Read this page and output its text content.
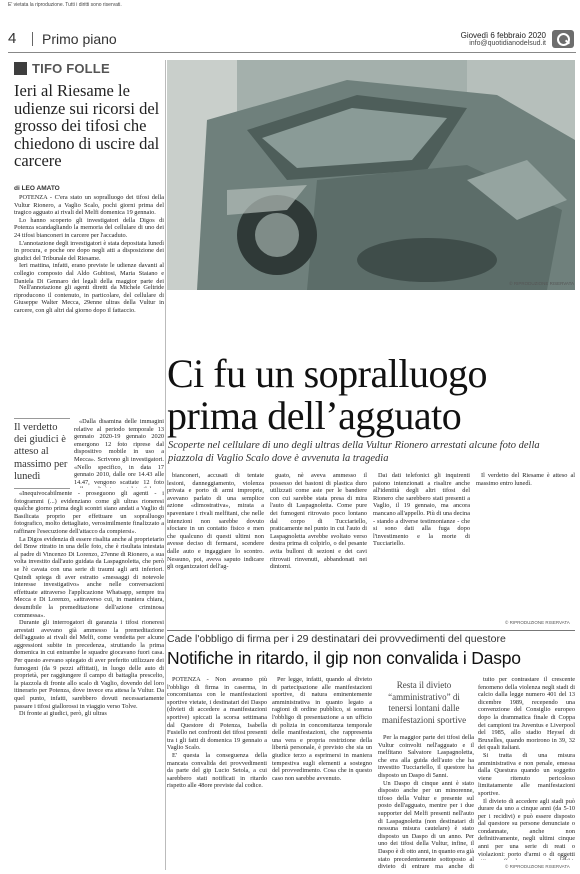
E' vietata la riproduzione. Tutti i diritti sono riservati.
4 Primo piano	Giovedì 6 febbraio 2020
info@quotidianodelsud.it
TIFO FOLLE
Ieri al Riesame le udienze sui ricorsi del grosso dei tifosi che chiedono di uscire dal carcere
di LEO AMATO
© RIPRODUZIONE RISERVATA

POTENZA - C'era stato un sopralluogo dei tifosi della Vultur Rionero, a Vaglio Scalo, pochi giorni prima del tragico agguato ai rivali del Melfi domenica 19 gennaio.

Lo hanno scoperto gli investigatori della Digos di Potenza scandagliando la memoria del cellulare di uno dei 24 tifosi bianconeri in carcere per l'accaduto.

L'annotazione degli investigatori è stata depositata lunedì in procura, e poche ore dopo negli atti a disposizione dei giudici del Tribunale del Riesame.

Ieri mattina, infatti, erano previste le udienze davanti al collegio composto dal Aldo Gubitosi, Maria Staiano e Daniela Di Gennaro dei legali della maggior parte dei

Nell'annotazione gli agenti diretti da Michele Geltride riproducono il contenuto, in particolare, del cellulare di Giuseppe Walter Mecca, 29enne ultras della Vultur in carcere, con gli altri dal giorno dopo il fattaccio.

Il verdetto dei giudici è atteso al massimo per lunedì

«Dalla disamina delle immagini relative al periodo temporale 13 gennaio 2020-19 gennaio 2020 emergono 12 foto riprese dal dispositivo mobile in uso a Mecca». Scrivono gli investigatori. «Nello specifico, in data 17 gennaio 2010, dalle ore 14.43 alle 14.47, vengono scattate 12 foto

«Inequivocabilmente - proseguono gli agenti - i fotogrammi (...) evidenziano come gli ultras rioneresi qualche giorno prima degli scontri siano andati a Vaglio di Basilicata proprio per effettuare un sopralluogo fotografico, molto dettagliato, verosimilmente finalizzato a raffinare l'esecuzione dell'attacco da compiersi».

La Digos evidenzia di essere risalita anche al proprietario del Bmw ritratto in una delle foto, che è risultata intestata al padre di Vincenzo Di Lorenzo, 27enne di Rionero, a sua volta investito dall'auto guidata da Laspagnoletta, che però se l'è cavata con una serie di traumi agli arti inferiori. Quindi spiega di aver estratto «messaggi di notevole interesse investigativo» anche nelle conversazioni effettuate attraverso l'applicazione Whatsapp, sempre tra Mecca e Di Lorenzo, «attraverso cui, in maniera chiara, desumibile la premeditazione dell'azione criminosa commessa».

Durante gli interrogatori di garanzia i tifosi rioneresi arrestati avevano già ammesso la premeditazione dell'agguato ai rivali del Melfi, come vendetta per alcune aggressioni subite in precedenza, struttando la prima domenica in cui entrambe le squadre giocavano fuori casa. Per questo avevano spiegato di aver preferito utilizzare dei fumogeni (da 9 pezzi affittati), in luogo delle auto di proprietà, per raggiungere il campo di battaglia prescelto, la piazzola di fronte allo scalo di Vaglio, dovendo del loro itinerario per Potenza, dove invece era attesa la Vultur. Da quel punto, infatti, sarebbero dovuti necessariamente passare i tifosi giallorossi in viaggio verso Tolve.

Di fronte ai giudici, però, gli ultras

Ci fu un sopralluogo
prima dell’agguato
Scoperte nel cellulare di uno degli ultras della Vultur Rionero arrestati alcune foto della piazzola di Vaglio Scalo dove è avvenuta la tragedia

bianconeri, accusati di tentate lesioni, danneggiamento, violenza privata e porto di armi improprie, avevano parlato di una semplice azione «dimostrativa», mirata a spaventare i rivali melfitani, che nelle intenzioni non sarebbe dovuto sfociare in un contatto fisico e men che qualcuno di questi ultimi non avesse deciso di fermarsi, scendere dalle auto e ingaggiare lo scontro. Nessuno, poi, aveva saputo indicare gli organizzatori dell'ag-

guato, nè aveva ammesso il possesso dei bastoni di plastica duro utilizzati come aste per le bandiere con cui sarebbe stata presa di mira l'auto di Laspagnoletta. Come pure dei fumogeni ritrovato poco lontano dal corpo di Tucciariello, praticamente nel punto in cui l'auto di Laspagnoletta avrebbe svoltato verso destra prima di colpirlo, o del pesante avita bulloni di sezioni e dei cavi ritrovati rinvenuti, abbandonati nei dintorni.

Dai dati telefonici gli inquirenti paiono intenzionati a risalire anche all'identità degli altri tifosi del Rionero che sarebbero stati presenti a Vaglio, il 19 gennaio, ma ancora mancano all'appello. Più di una decina - stando a diverse testimonianze - che si sono dati alla fuga dopo l'investimento e la morte di Tucciariello.

Il verdetto del Riesame è atteso al massimo entro lunedì.

© RIPRODUZIONE RISERVATA
Cade l'obbligo di firma per i 29 destinatari dei provvedimenti del questore
Notifiche in ritardo, il gip non convalida i Daspo

POTENZA - Non avranno più l'obbligo di firma in caserma, in concomitanza con le manifestazioni sportive vietate, i destinatari dei Daspo (divieti di accedere a manifestazioni sportive) spiccati la scorsa settimana dal Questore di Potenza, Isabella Fusiello nei confronti dei tifosi presenti tra i gli fatti di domenica 19 gennaio a Vaglio Scalo.

E' questa la conseguenza della mancata convalida dei provvedimenti da parte del gip Lucio Setola, a cui sarebbero stati notificati in ritardo rispetto alle 48ore previste dal codice.

Per legge, infatti, quando al divieto di partecipazione alle manifestazioni sportive, di natura eminentemente amministrativa in quanto legato a ragioni di ordine pubblico, si somma l'obbligo di presentazione a un ufficio di polizia in concomitanza temporale delle manifestazioni, che rappresenta una vera e propria restrizione della libertà personale, è previsto che sia un giudice terzo a esprimersi in maniera tempestiva sugli elementi a sostegno del provvedimento. Cosa che in questo caso non sarebbe avvenuto.

Resta il divieto “amministrativo” di tenersi lontani dalle manifestazioni sportive

Per la maggior parte dei tifosi della Vultur coinvolti nell'agguato e il melfitano Salvatore Laspagnoletta, che era alla guida dell'auto che ha investito Tucciariello, il questore ha disposto un Daspo di 5anni.

Un Daspo di cinque anni è stato disposto anche per un minorenne, tifoso della Vultur e presente sul posto dell'agguato, mentre per i due supporter del Melfi presenti nell'auto di Laspagnoletta (non destinatari di nessuna misura cautelare) è stato disposto un Daspo di un anno. Per uno dei tifosi della Vultur, infine, il Daspo è di otto anni, in quanto era già stato precedentemente sottoposto al divieto di entrare ma anche di

tuito per contrastare il crescente fenomeno della violenza negli stadi di calcio dalla legge numero 401 del 13 dicembre 1989, recependo una convenzione del Consiglio europeo dopo la drammatica finale di Coppa dei campioni tra Juventus e Liverpool del 1985, allo stadio Heysel di Bruxelles, quando morirono in 39, 32 dei quali italiani.

Si tratta di una misura amministrativa e non penale, emessa dalla Questura quando un soggetto viene ritenuto pericoloso limitatamente alle manifestazioni sportive.

Il divieto di accedere agli stadi può durare da uno a cinque anni (da 5-10 per i recidivi) e può essere disposto dal questore su persone denunciate o condannate, anche non definitivamente, negli ultimi cinque anni per una serie di reati o violazioni: porto d'armi o di oggetti

l.a.
© RIPRODUZIONE RISERVATA
